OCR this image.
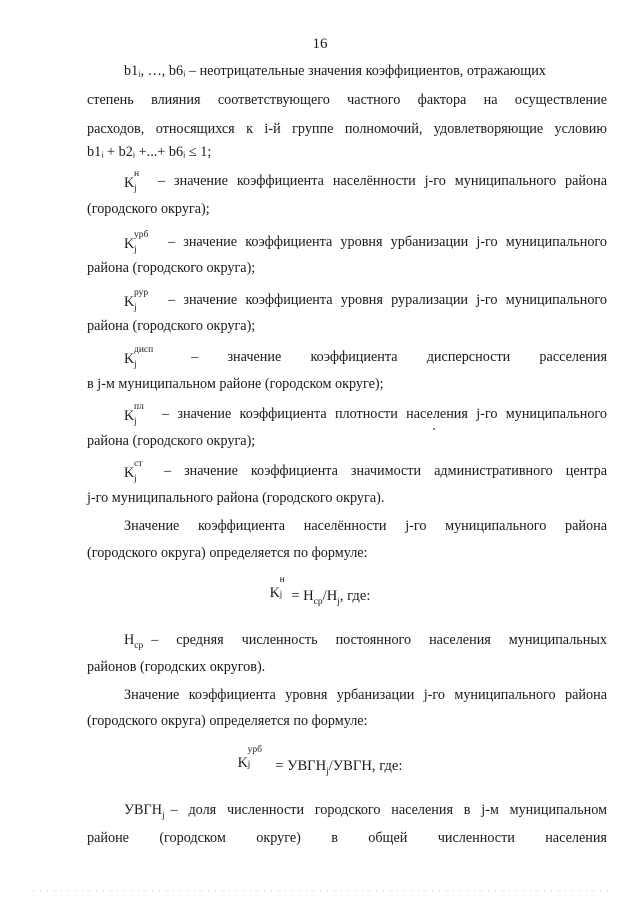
16
b1ᵢ, …, b6ᵢ – неотрицательные значения коэффициентов, отражающих
степень влияния соответствующего частного фактора на осуществление
расходов, относящихся к i-й группе полномочий, удовлетворяющие условию
b1ᵢ + b2ᵢ +...+ b6ᵢ ≤ 1;
K
н
j – значение коэффициента населённости j-го муниципального района
(городского округа);
K
урб
j – значение коэффициента уровня урбанизации j-го муниципального
района (городского округа);
K
рур
j – значение коэффициента уровня рурализации j-го муниципального
района (городского округа);
K
дисп
j	– значение коэффициента дисперсности расселения
в j-м муниципальном районе (городском округе);
K
пл
j – значение коэффициента плотности населения j-го муниципального
района (городского округа);
K
ст
j – значение коэффициента значимости административного центра
j-го муниципального района (городского округа).
Значение коэффициента населённости j-го муниципального района
(городского округа) определяется по формуле:
K
н
$j = Н_{ср}/Н_j$, где:
$Н_{ср}$ – средняя численность постоянного населения муниципальных
районов (городских округов).
Значение коэффициента уровня урбанизации j-го муниципального района
(городского округа) определяется по формуле:
K
урб
$j = УВГН_j$/УВГН, где:
$УВГН_j$ – доля численности городского населения в j-м муниципальном
районе (городском округе) в общей численности населения
